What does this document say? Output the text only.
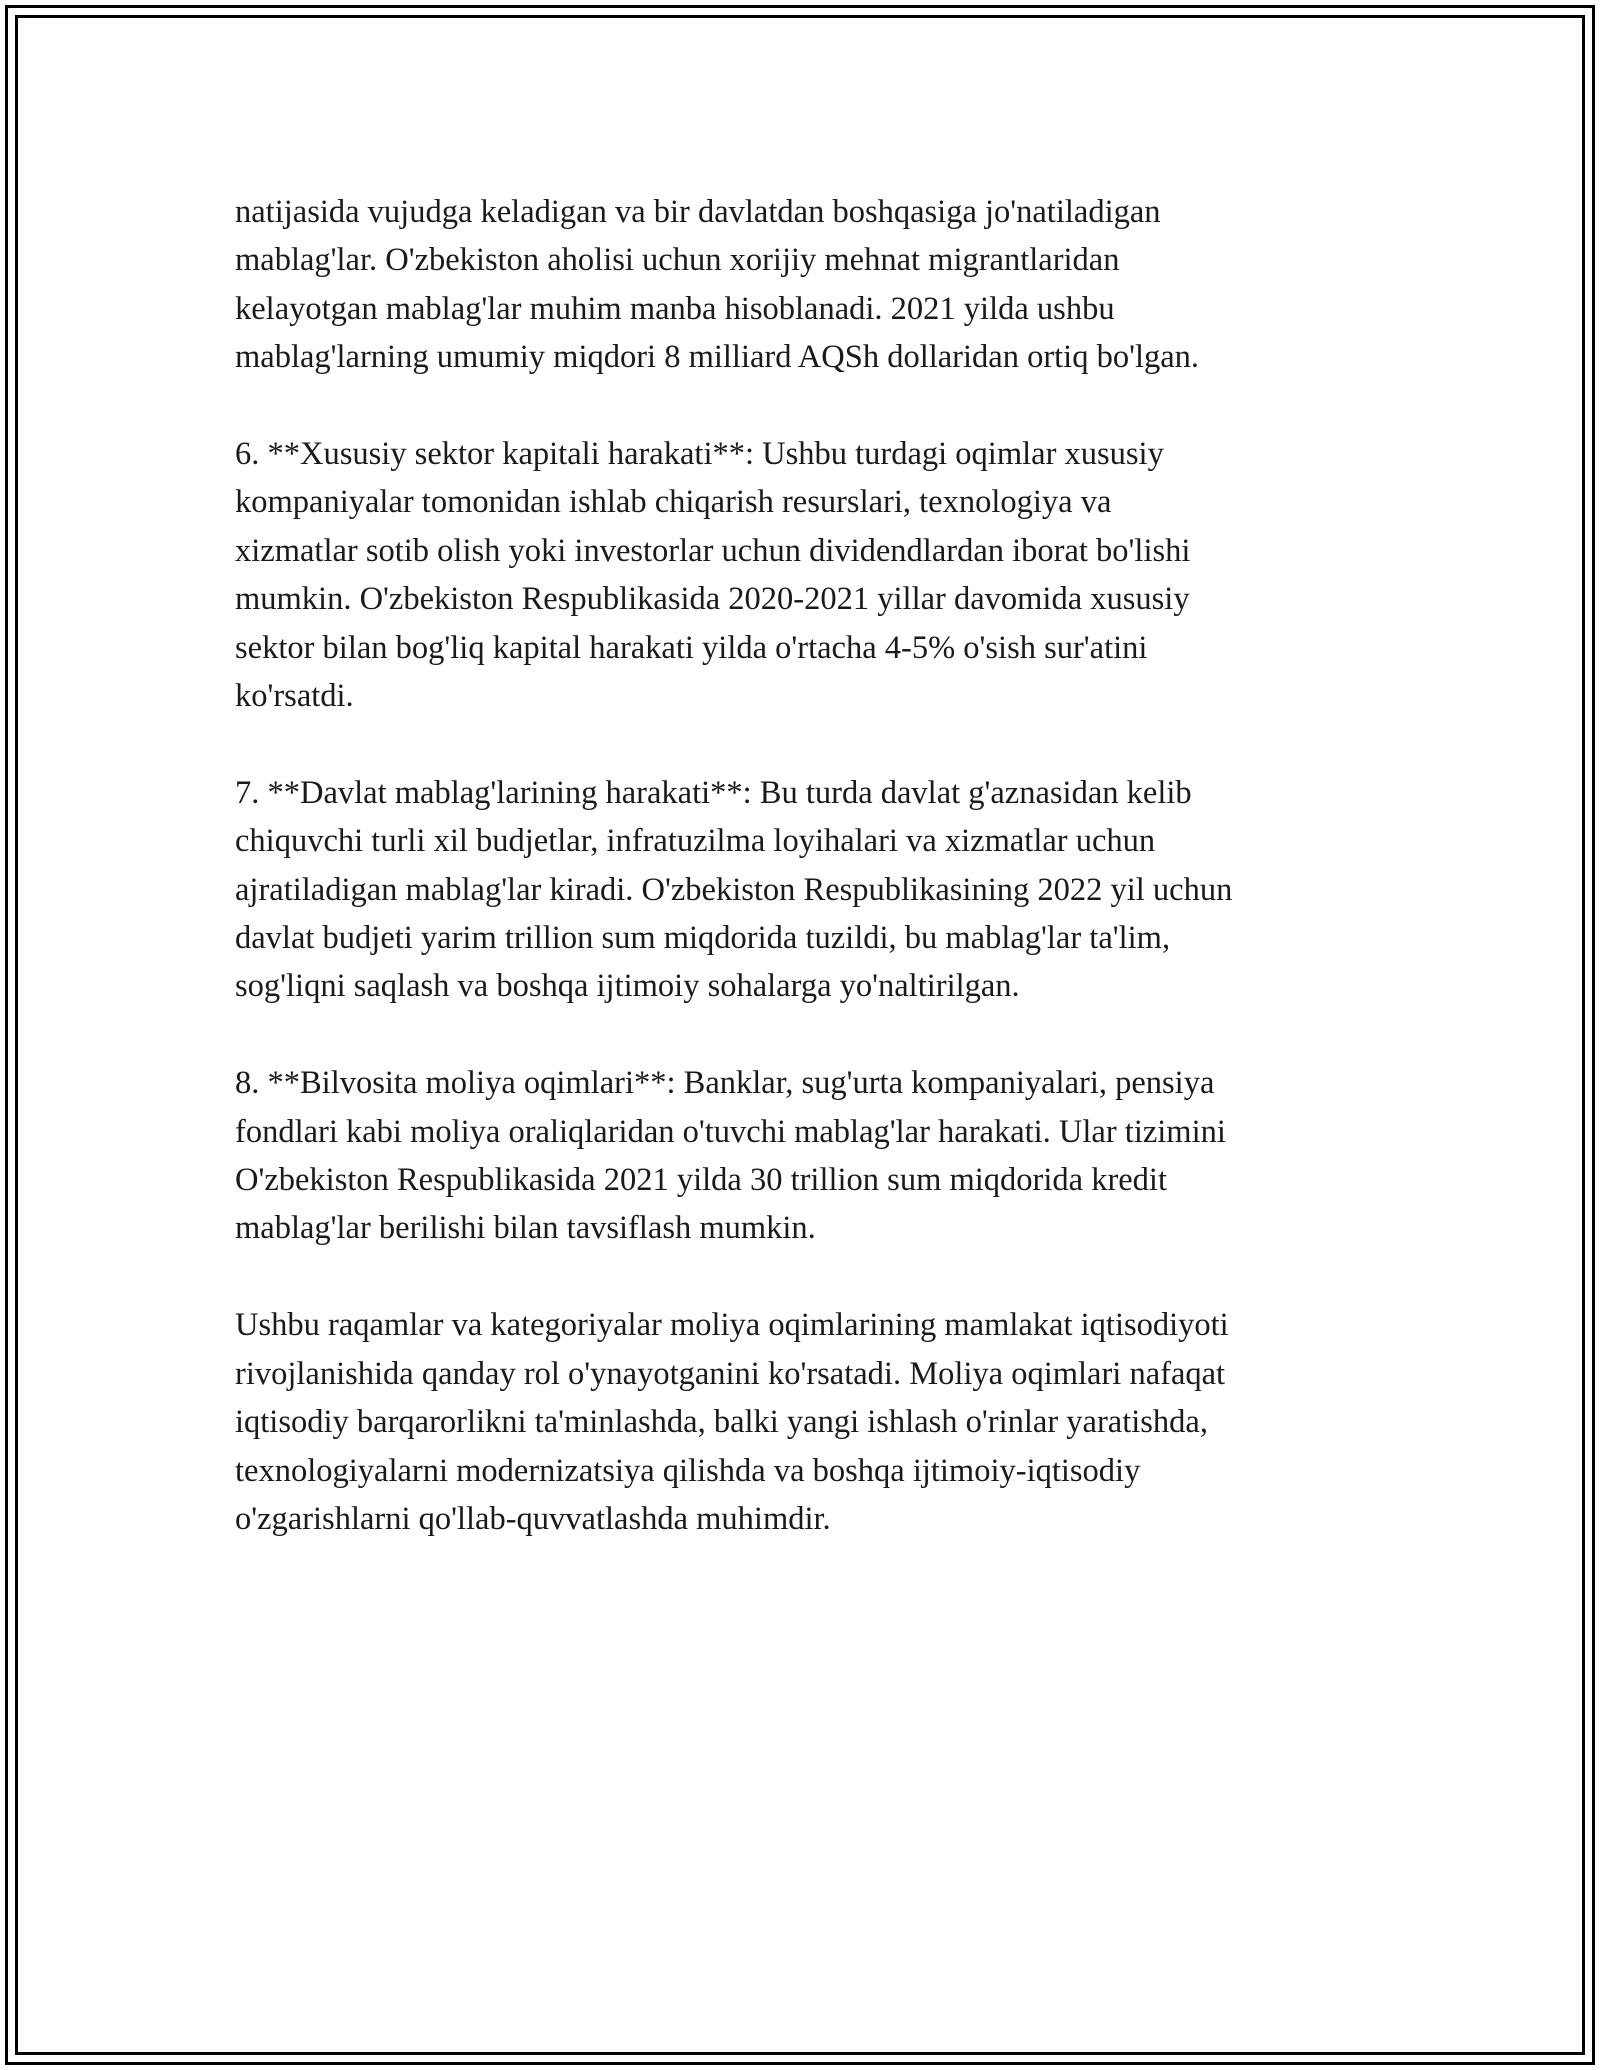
natijasida vujudga keladigan va bir davlatdan boshqasiga jo'natiladigan
mablag'lar. O'zbekiston aholisi uchun xorijiy mehnat migrantlaridan
kelayotgan mablag'lar muhim manba hisoblanadi. 2021 yilda ushbu
mablag'larning umumiy miqdori 8 milliard AQSh dollaridan ortiq bo'lgan.

6. **Xususiy sektor kapitali harakati**: Ushbu turdagi oqimlar xususiy
kompaniyalar tomonidan ishlab chiqarish resurslari, texnologiya va
xizmatlar sotib olish yoki investorlar uchun dividendlardan iborat bo'lishi
mumkin. O'zbekiston Respublikasida 2020-2021 yillar davomida xususiy
sektor bilan bog'liq kapital harakati yilda o'rtacha 4-5% o'sish sur'atini
ko'rsatdi.

7. **Davlat mablag'larining harakati**: Bu turda davlat g'aznasidan kelib
chiquvchi turli xil budjetlar, infratuzilma loyihalari va xizmatlar uchun
ajratiladigan mablag'lar kiradi. O'zbekiston Respublikasining 2022 yil uchun
davlat budjeti yarim trillion sum miqdorida tuzildi, bu mablag'lar ta'lim,
sog'liqni saqlash va boshqa ijtimoiy sohalarga yo'naltirilgan.

8. **Bilvosita moliya oqimlari**: Banklar, sug'urta kompaniyalari, pensiya
fondlari kabi moliya oraliqlaridan o'tuvchi mablag'lar harakati. Ular tizimini
O'zbekiston Respublikasida 2021 yilda 30 trillion sum miqdorida kredit
mablag'lar berilishi bilan tavsiflash mumkin.

Ushbu raqamlar va kategoriyalar moliya oqimlarining mamlakat iqtisodiyoti
rivojlanishida qanday rol o'ynayotganini ko'rsatadi. Moliya oqimlari nafaqat
iqtisodiy barqarorlikni ta'minlashda, balki yangi ishlash o'rinlar yaratishda,
texnologiyalarni modernizatsiya qilishda va boshqa ijtimoiy-iqtisodiy
o'zgarishlarni qo'llab-quvvatlashda muhimdir.
